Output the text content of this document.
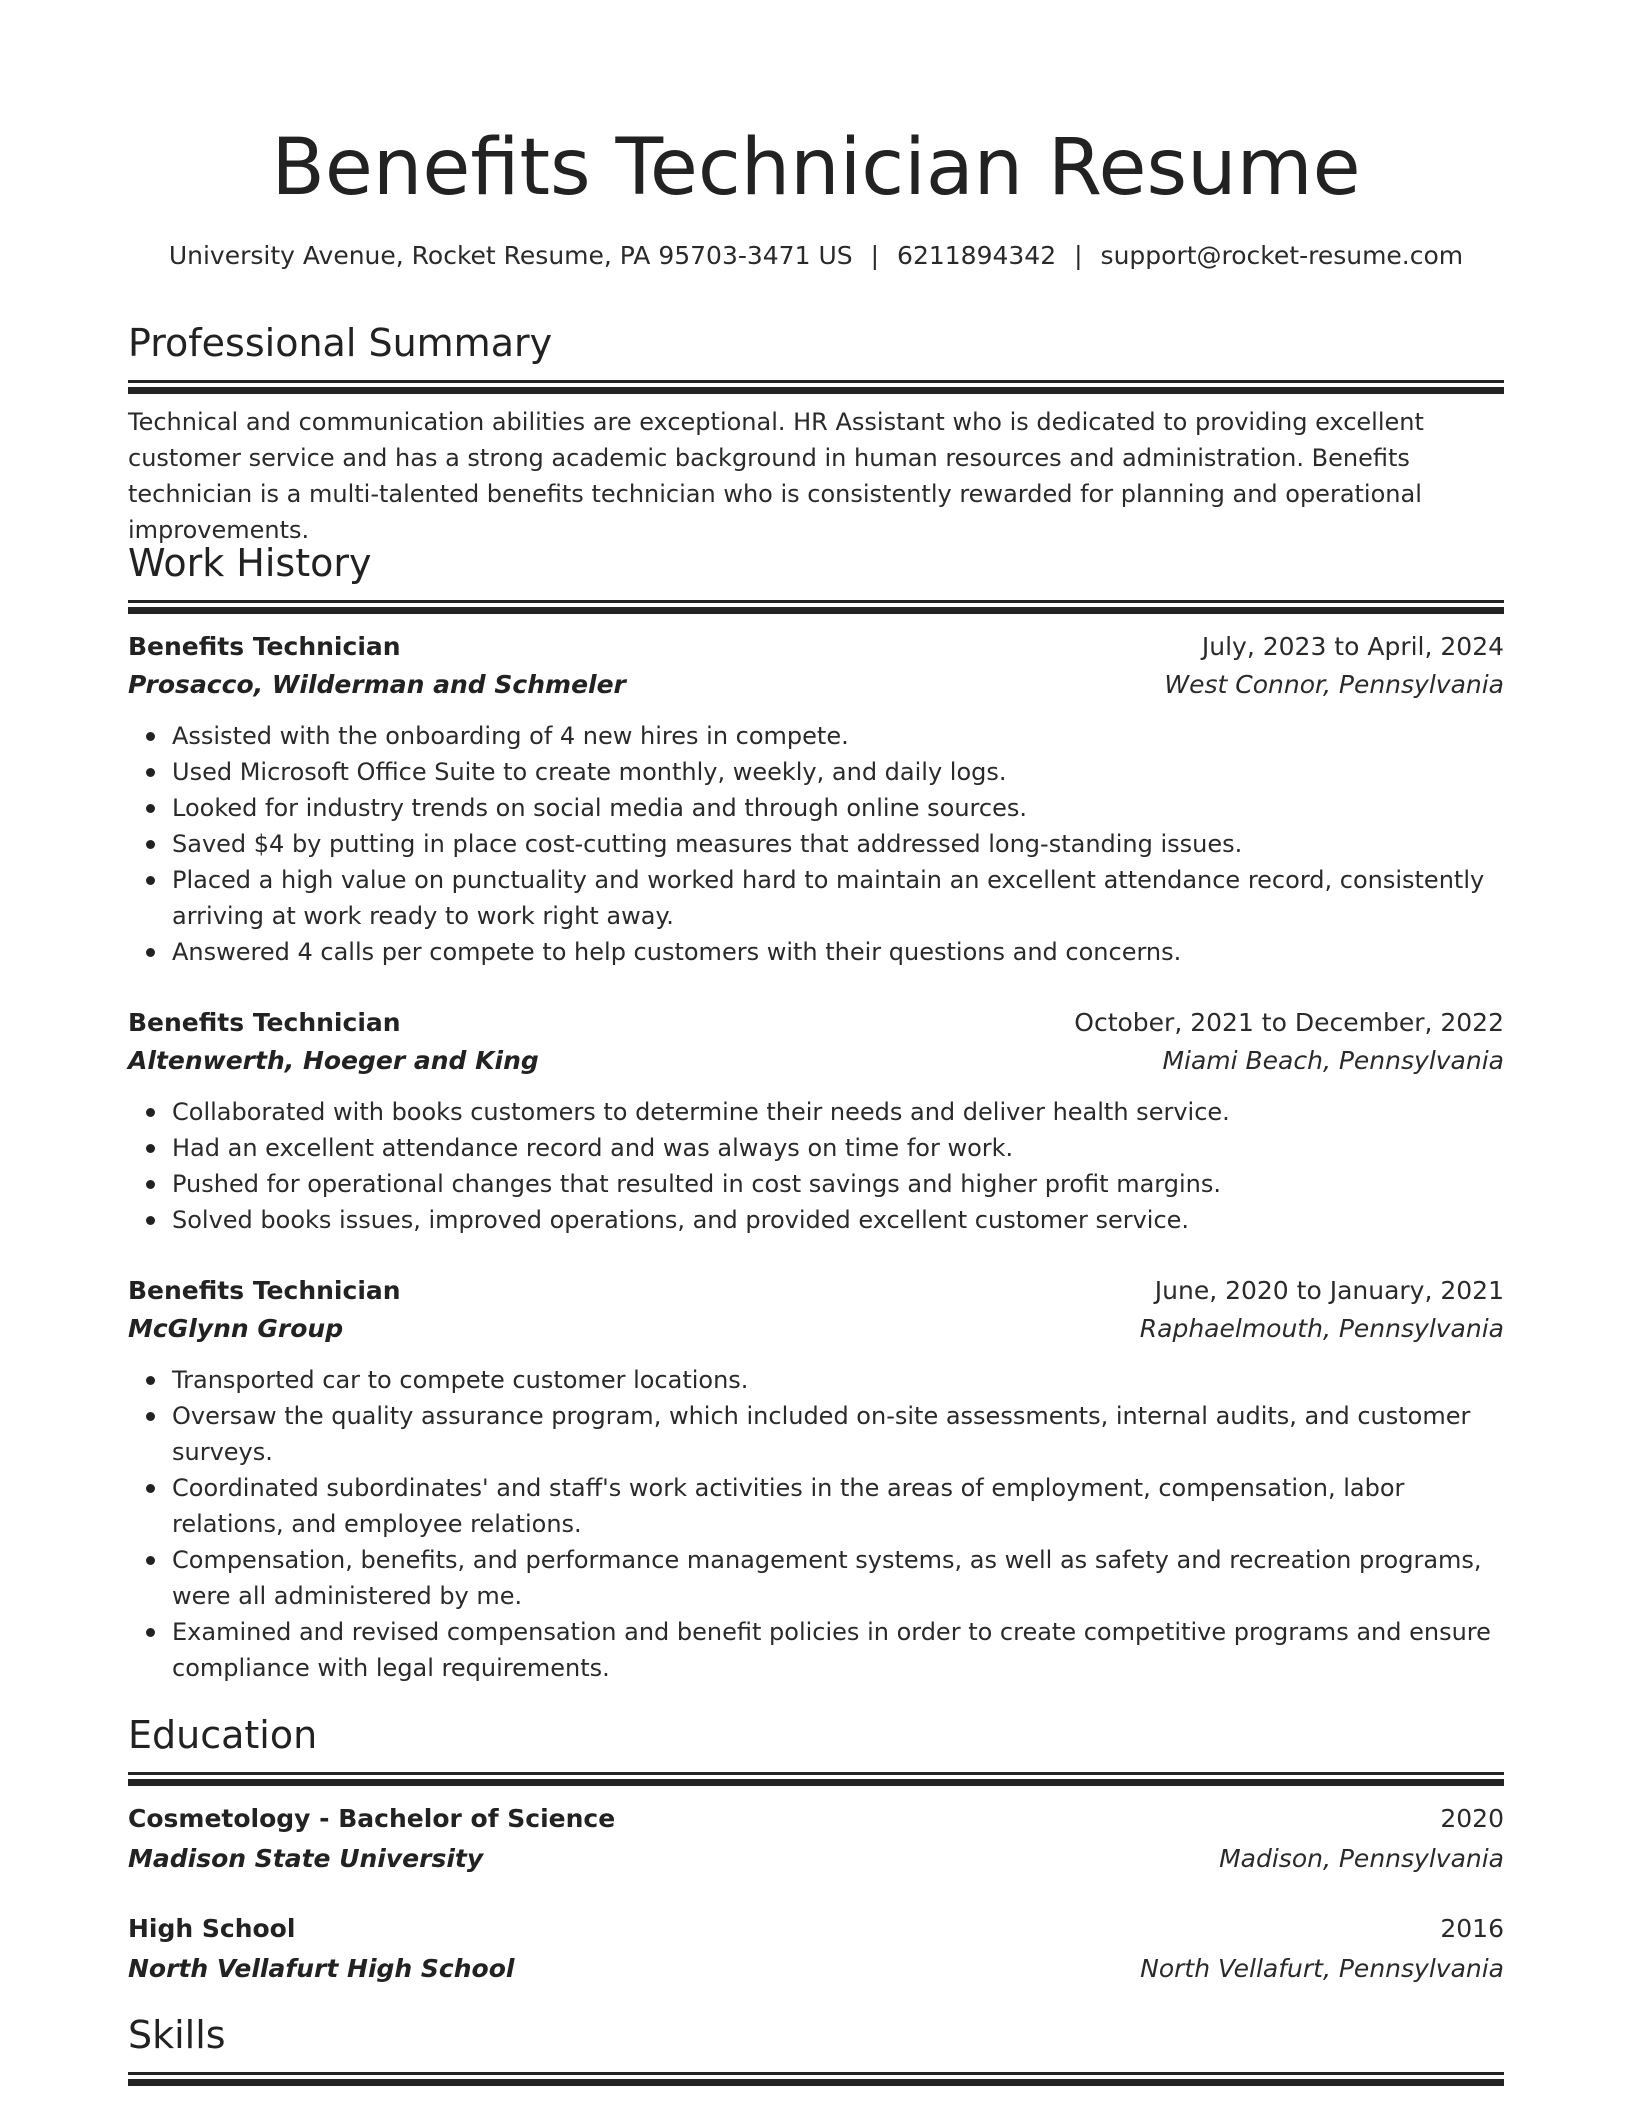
Benefits Technician Resume
University Avenue, Rocket Resume, PA 95703-3471 US | 6211894342 | support@rocket-resume.com
Professional Summary

Technical and communication abilities are exceptional. HR Assistant who is dedicated to providing excellent customer service and has a strong academic background in human resources and administration. Benefits technician is a multi-talented benefits technician who is consistently rewarded for planning and operational improvements.

Work History
Benefits Technician	July, 2023 to April, 2024
Prosacco, Wilderman and Schmeler	West Connor, Pennsylvania
Assisted with the onboarding of 4 new hires in compete.
Used Microsoft Office Suite to create monthly, weekly, and daily logs.
Looked for industry trends on social media and through online sources.
Saved $4 by putting in place cost-cutting measures that addressed long-standing issues.
Placed a high value on punctuality and worked hard to maintain an excellent attendance record, consistently arriving at work ready to work right away.
Answered 4 calls per compete to help customers with their questions and concerns.
Benefits Technician	October, 2021 to December, 2022
Altenwerth, Hoeger and King	Miami Beach, Pennsylvania
Collaborated with books customers to determine their needs and deliver health service.
Had an excellent attendance record and was always on time for work.
Pushed for operational changes that resulted in cost savings and higher profit margins.
Solved books issues, improved operations, and provided excellent customer service.
Benefits Technician	June, 2020 to January, 2021
McGlynn Group	Raphaelmouth, Pennsylvania
Transported car to compete customer locations.
Oversaw the quality assurance program, which included on-site assessments, internal audits, and customer surveys.
Coordinated subordinates' and staff's work activities in the areas of employment, compensation, labor relations, and employee relations.
Compensation, benefits, and performance management systems, as well as safety and recreation programs, were all administered by me.
Examined and revised compensation and benefit policies in order to create competitive programs and ensure compliance with legal requirements.
Education
Cosmetology - Bachelor of Science	2020
Madison State University	Madison, Pennsylvania
High School	2016
North Vellafurt High School	North Vellafurt, Pennsylvania
Skills
